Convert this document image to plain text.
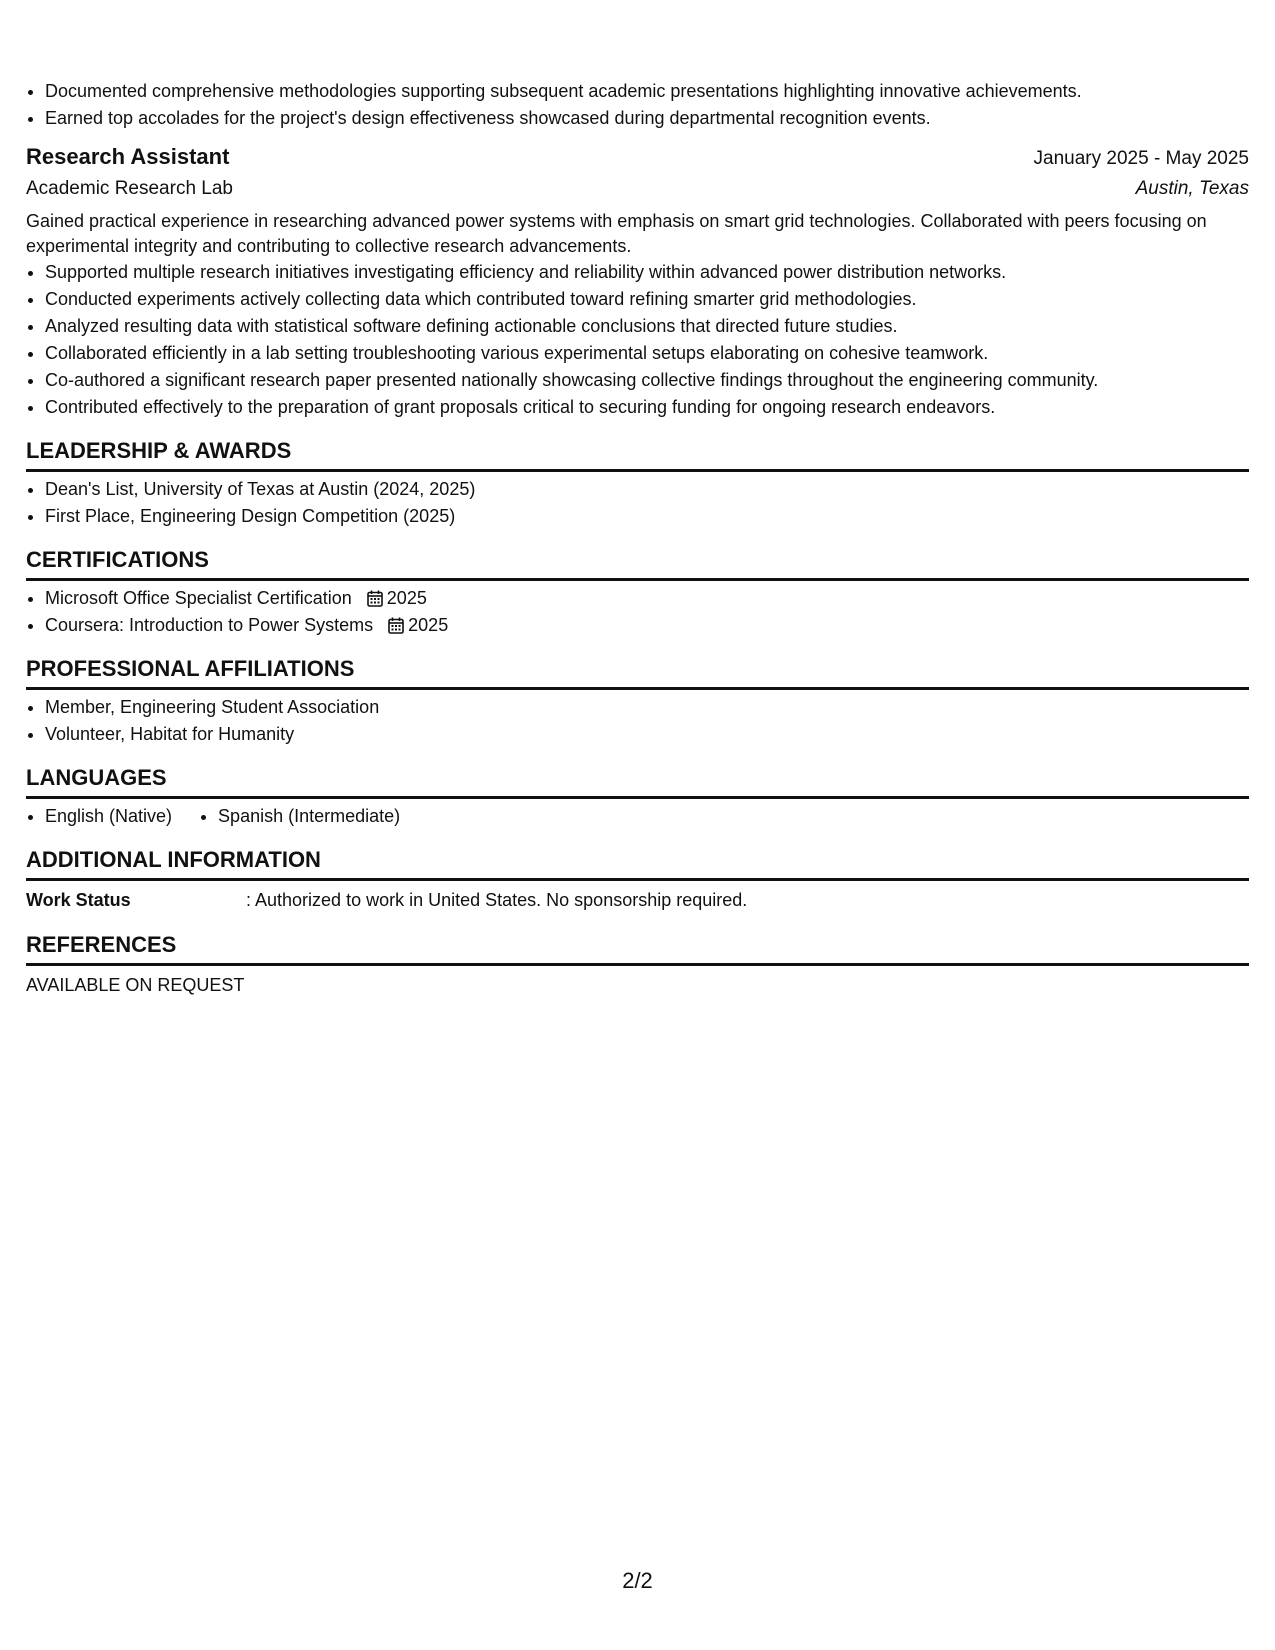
• Documented comprehensive methodologies supporting subsequent academic presentations highlighting innovative achievements.
• Earned top accolades for the project's design effectiveness showcased during departmental recognition events.
Research Assistant	January 2025 - May 2025
Academic Research Lab	Austin, Texas
Gained practical experience in researching advanced power systems with emphasis on smart grid technologies. Collaborated with peers focusing on experimental integrity and contributing to collective research advancements.
• Supported multiple research initiatives investigating efficiency and reliability within advanced power distribution networks.
• Conducted experiments actively collecting data which contributed toward refining smarter grid methodologies.
• Analyzed resulting data with statistical software defining actionable conclusions that directed future studies.
• Collaborated efficiently in a lab setting troubleshooting various experimental setups elaborating on cohesive teamwork.
• Co-authored a significant research paper presented nationally showcasing collective findings throughout the engineering community.
• Contributed effectively to the preparation of grant proposals critical to securing funding for ongoing research endeavors.
LEADERSHIP & AWARDS
• Dean's List, University of Texas at Austin (2024, 2025)
• First Place, Engineering Design Competition (2025)
CERTIFICATIONS
• Microsoft Office Specialist Certification 2025
• Coursera: Introduction to Power Systems 2025
PROFESSIONAL AFFILIATIONS
• Member, Engineering Student Association
• Volunteer, Habitat for Humanity
LANGUAGES
• English (Native)
•	Spanish (Intermediate)
ADDITIONAL INFORMATION
Work Status	: Authorized to work in United States. No sponsorship required.
REFERENCES
AVAILABLE ON REQUEST
2/2
